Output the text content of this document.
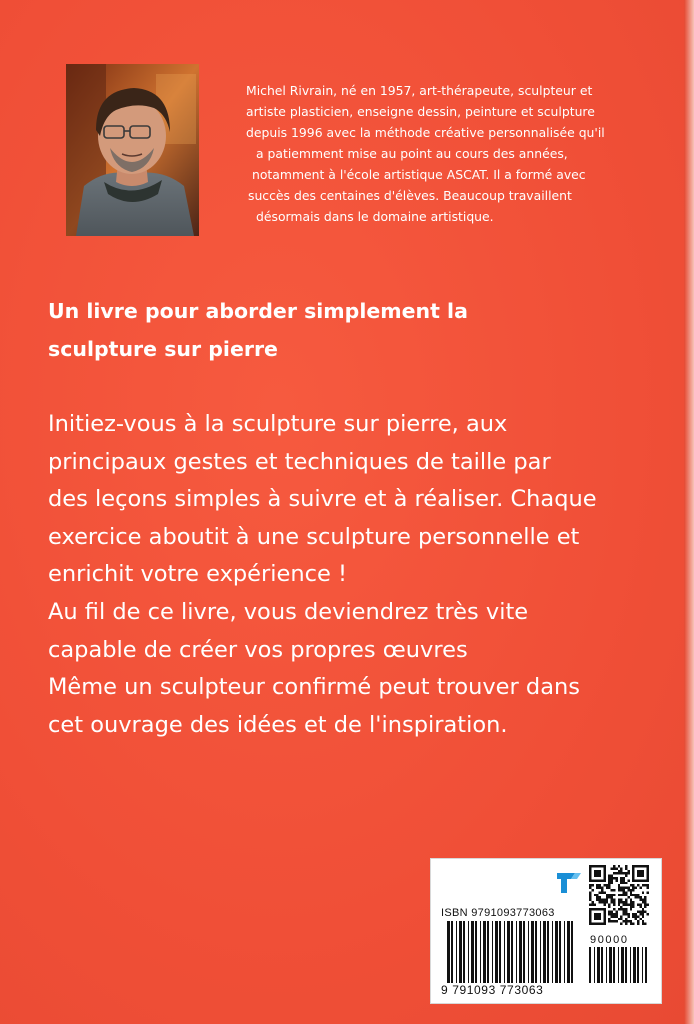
Michel Rivrain, né en 1957, art-thérapeute, sculpteur et
artiste plasticien, enseigne dessin, peinture et sculpture
depuis 1996 avec la méthode créative personnalisée qu'il
a patiemment mise au point au cours des années,
notamment à l'école artistique ASCAT. Il a formé avec
succès des centaines d'élèves. Beaucoup travaillent
désormais dans le domaine artistique.
Un livre pour aborder simplement la
sculpture sur pierre
Initiez-vous à la sculpture sur pierre, aux
principaux gestes et techniques de taille par
des leçons simples à suivre et à réaliser. Chaque
exercice aboutit à une sculpture personnelle et
enrichit votre expérience !
Au fil de ce livre, vous deviendrez très vite
capable de créer vos propres œuvres
Même un sculpteur confirmé peut trouver dans
cet ouvrage des idées et de l'inspiration.
ISBN 9791093773063
90000
9 791093 773063
